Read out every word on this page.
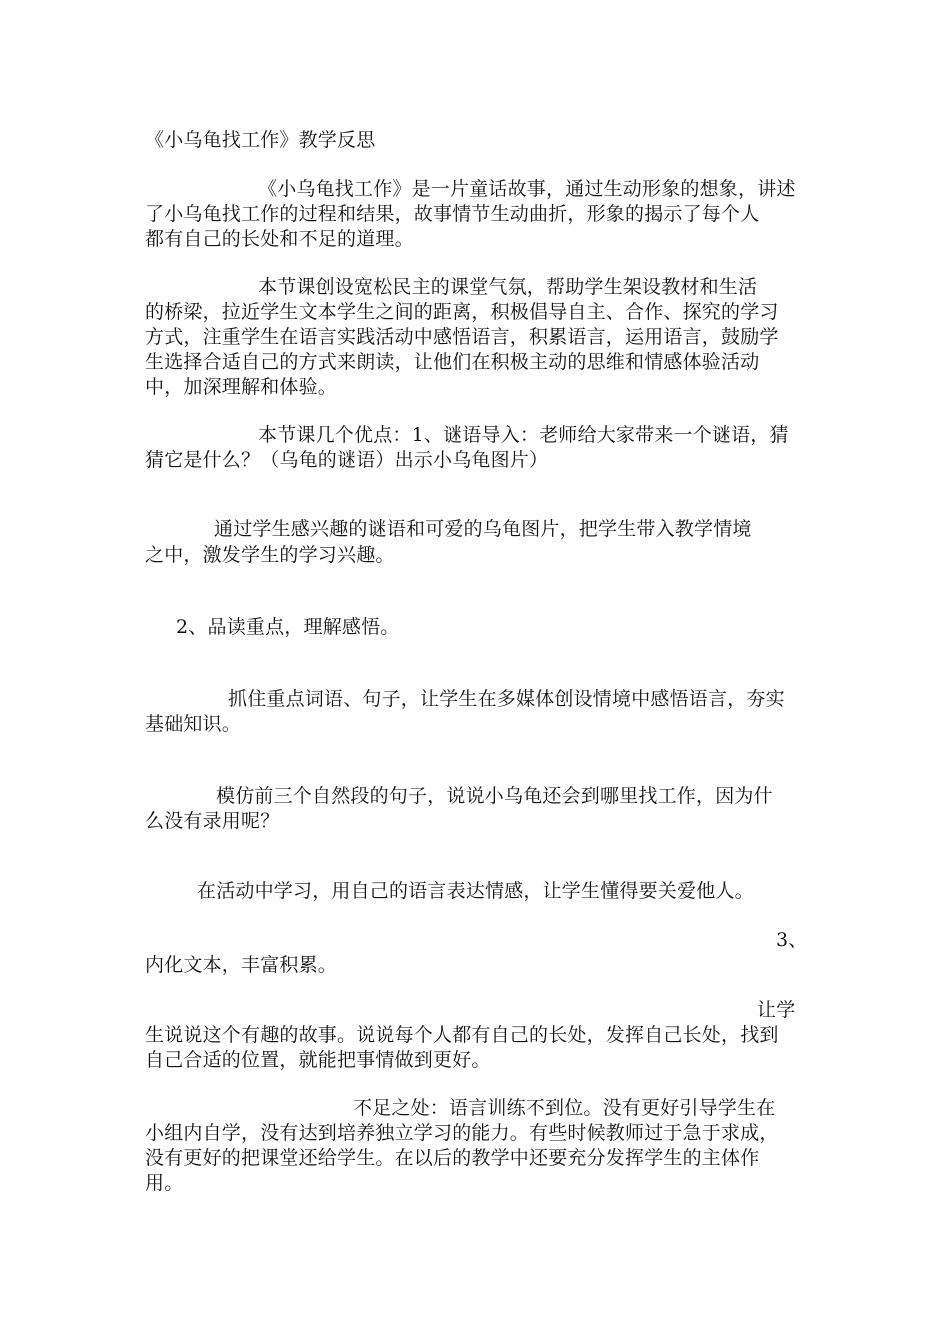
《小乌龟找工作》教学反思
《小乌龟找工作》是一片童话故事，通过生动形象的想象，讲述
了小乌龟找工作的过程和结果，故事情节生动曲折，形象的揭示了每个人
都有自己的长处和不足的道理。
本节课创设宽松民主的课堂气氛，帮助学生架设教材和生活
的桥梁，拉近学生文本学生之间的距离，积极倡导自主、合作、探究的学习
方式，注重学生在语言实践活动中感悟语言，积累语言，运用语言，鼓励学
生选择合适自己的方式来朗读，让他们在积极主动的思维和情感体验活动
中，加深理解和体验。
本节课几个优点：1、谜语导入：老师给大家带来一个谜语，猜
猜它是什么？（乌龟的谜语）出示小乌龟图片）
通过学生感兴趣的谜语和可爱的乌龟图片，把学生带入教学情境
之中，激发学生的学习兴趣。
2、品读重点，理解感悟。
抓住重点词语、句子，让学生在多媒体创设情境中感悟语言，夯实
基础知识。
模仿前三个自然段的句子，说说小乌龟还会到哪里找工作，因为什
么没有录用呢？
在活动中学习，用自己的语言表达情感，让学生懂得要关爱他人。
3、
内化文本，丰富积累。
让学
生说说这个有趣的故事。说说每个人都有自己的长处，发挥自己长处，找到
自己合适的位置，就能把事情做到更好。
不足之处：语言训练不到位。没有更好引导学生在
小组内自学，没有达到培养独立学习的能力。有些时候教师过于急于求成，
没有更好的把课堂还给学生。在以后的教学中还要充分发挥学生的主体作
用。
